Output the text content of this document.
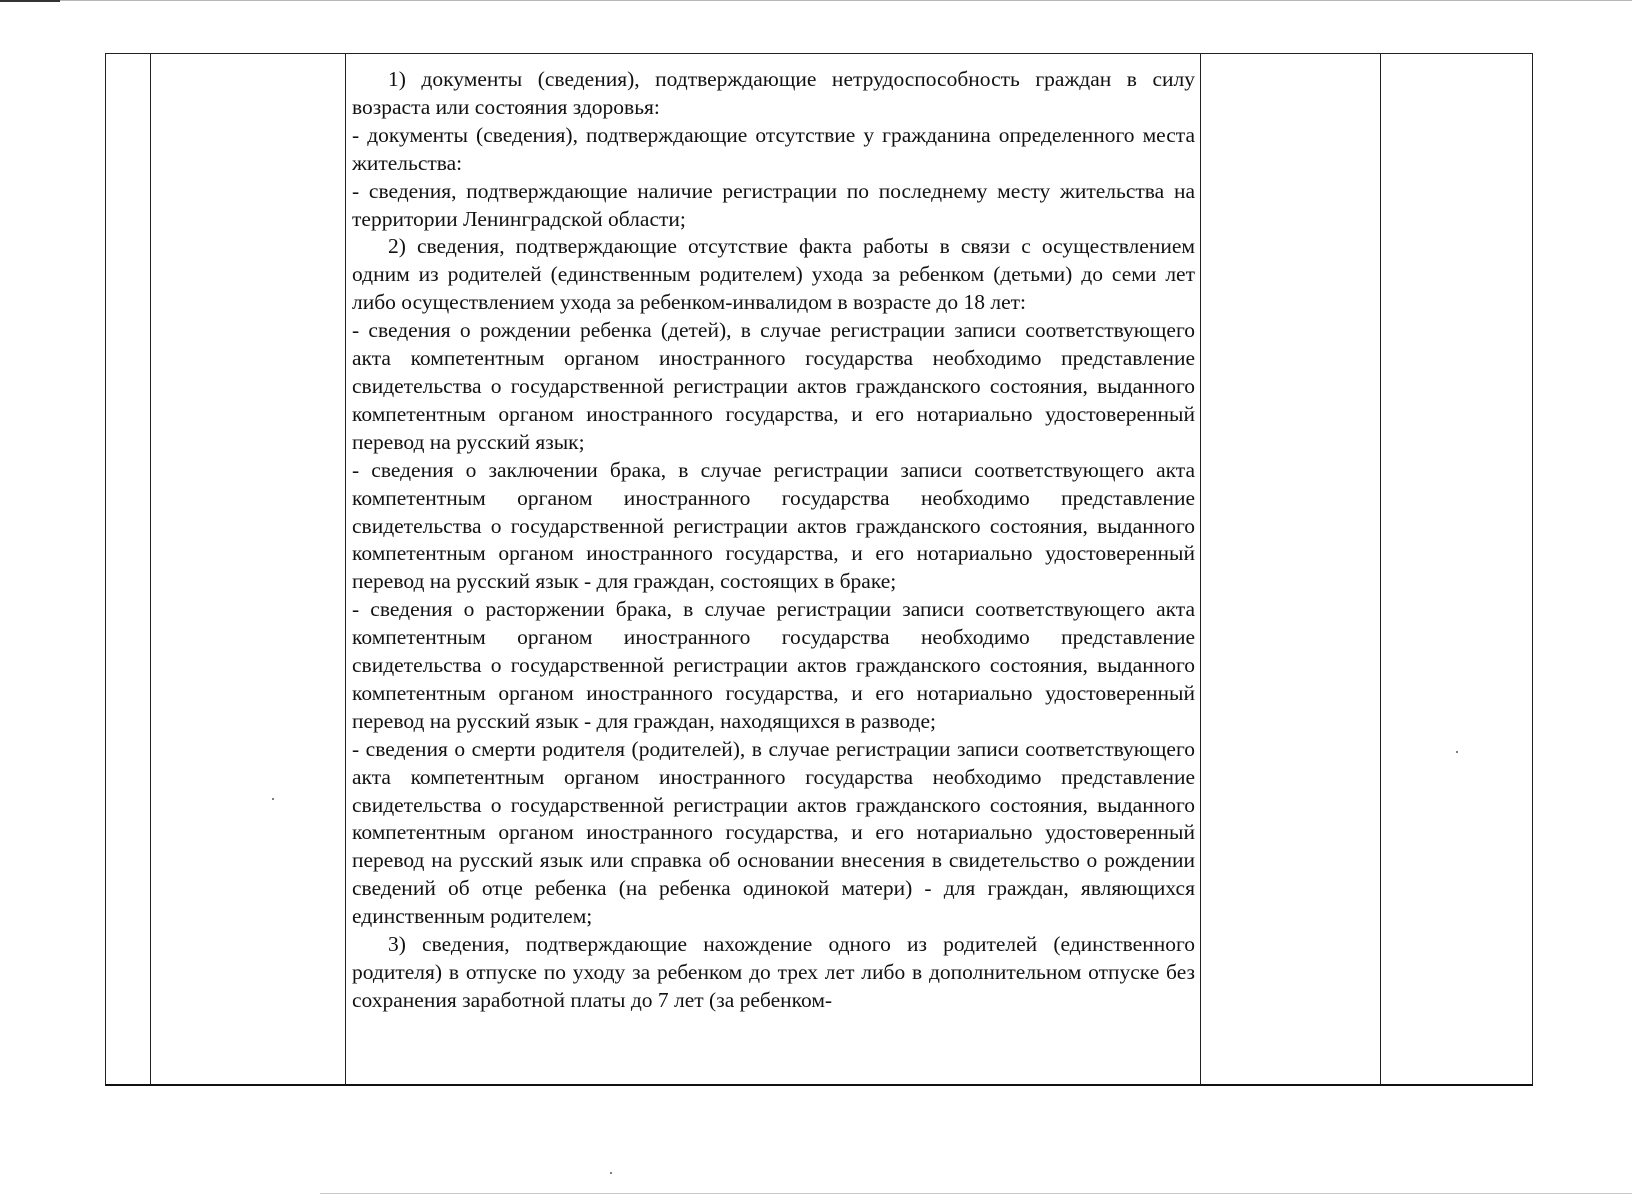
1) документы (сведения), подтверждающие нетрудоспособность граждан в силу возраста или состояния здоровья:

- документы (сведения), подтверждающие отсутствие у гражданина определенного места жительства:

- сведения, подтверждающие наличие регистрации по последнему месту жительства на территории Ленинградской области;

2) сведения, подтверждающие отсутствие факта работы в связи с осуществлением одним из родителей (единственным родителем) ухода за ребенком (детьми) до семи лет либо осуществлением ухода за ребенком-инвалидом в возрасте до 18 лет:

- сведения о рождении ребенка (детей), в случае регистрации записи соответствующего акта компетентным органом иностранного государства необходимо представление свидетельства о государственной регистрации актов гражданского состояния, выданного компетентным органом иностранного государства, и его нотариально удостоверенный перевод на русский язык;

- сведения о заключении брака, в случае регистрации записи соответствующего акта компетентным органом иностранного государства необходимо представление свидетельства о государственной регистрации актов гражданского состояния, выданного компетентным органом иностранного государства, и его нотариально удостоверенный перевод на русский язык - для граждан, состоящих в браке;

- сведения о расторжении брака, в случае регистрации записи соответствующего акта компетентным органом иностранного государства необходимо представление свидетельства о государственной регистрации актов гражданского состояния, выданного компетентным органом иностранного государства, и его нотариально удостоверенный перевод на русский язык - для граждан, находящихся в разводе;

- сведения о смерти родителя (родителей), в случае регистрации записи соответствующего акта компетентным органом иностранного государства необходимо представление свидетельства о государственной регистрации актов гражданского состояния, выданного компетентным органом иностранного государства, и его нотариально удостоверенный перевод на русский язык или справка об основании внесения в свидетельство о рождении сведений об отце ребенка (на ребенка одинокой матери) - для граждан, являющихся единственным родителем;

3) сведения, подтверждающие нахождение одного из родителей (единственного родителя) в отпуске по уходу за ребенком до трех лет либо в дополнительном отпуске без сохранения заработной платы до 7 лет (за ребенком-
